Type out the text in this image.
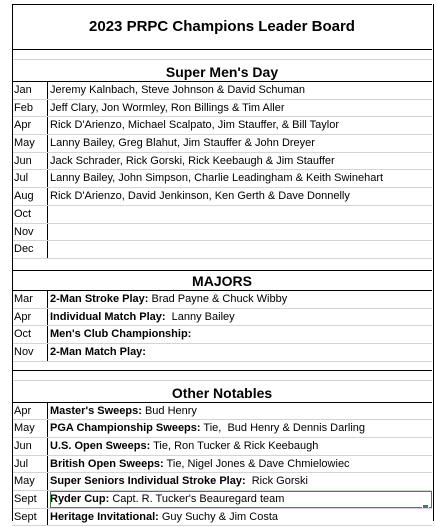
2023 PRPC Champions Leader Board
Super Men's Day
Jan	Jeremy Kalnbach, Steve Johnson & David Schuman
Feb	Jeff Clary, Jon Wormley, Ron Billings & Tim Aller
Apr	Rick D'Arienzo, Michael Scalpato, Jim Stauffer, & Bill Taylor
May	Lanny Bailey, Greg Blahut, Jim Stauffer & John Dreyer
Jun	Jack Schrader, Rick Gorski, Rick Keebaugh & Jim Stauffer
Jul	Lanny Bailey, John Simpson, Charlie Leadingham & Keith Swinehart
Aug	Rick D'Arienzo, David Jenkinson, Ken Gerth & Dave Donnelly
Oct
Nov
Dec
MAJORS
Mar	2-Man Stroke Play: Brad Payne & Chuck Wibby
Apr	Individual Match Play:  Lanny Bailey
Oct	Men's Club Championship:
Nov	2-Man Match Play:
Other Notables
Apr	Master's Sweeps: Bud Henry
May	PGA Championship Sweeps: Tie,  Bud Henry & Dennis Darling
Jun	U.S. Open Sweeps: Tie, Ron Tucker & Rick Keebaugh
Jul	British Open Sweeps: Tie, Nigel Jones & Dave Chmielowiec
May	Super Seniors Individual Stroke Play:  Rick Gorski
Sept	Ryder Cup: Capt. R. Tucker's Beauregard team
Sept	Heritage Invitational: Guy Suchy & Jim Costa
